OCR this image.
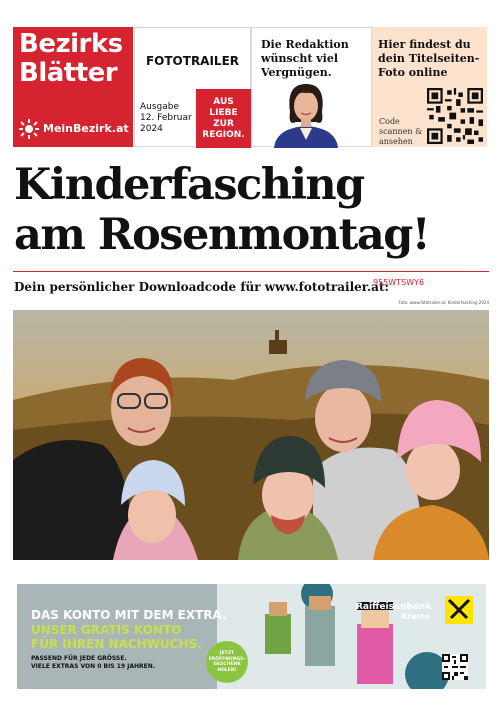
Bezirks
Blätter
MeinBezirk.at
FOTOTRAILER
Ausgabe
12. Februar 2024
AUS LIEBE ZUR REGION.
Die Redaktion wünscht viel Vergnügen.
Hier findest du dein Titelseiten-Foto online
Code scannen & ansehen
Kinderfasching
am Rosenmontag!
Dein persönlicher Downloadcode für www.fototrailer.at:
955WTSWY6
Foto: www.fototrailer.at, Kinderfasching 2024
DAS KONTO MIT DEM EXTRA.
UNSER GRATIS KONTO
FÜR IHREN NACHWUCHS.
PASSEND FÜR JEDE GRÖSSE.
VIELE EXTRAS VON 0 BIS 19 JAHREN.
JETZT
ERÖFFNUNGS-
GESCHENK
HOLEN!
Raiffeisenbank
Krems
